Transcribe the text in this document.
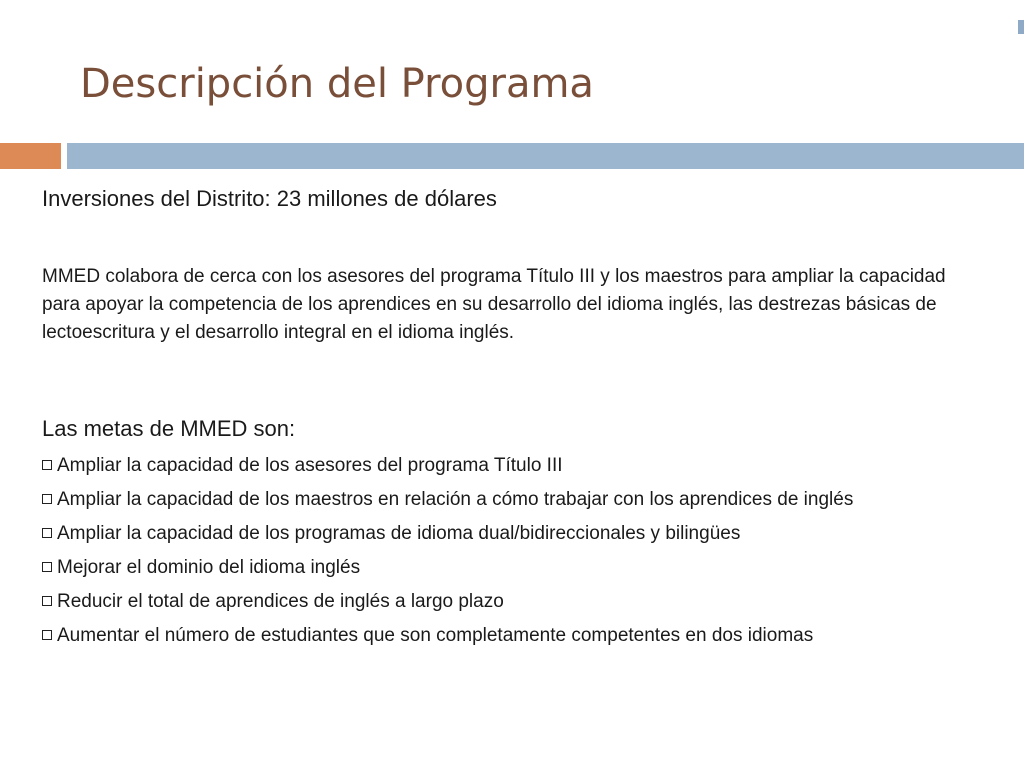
Descripción del Programa
Inversiones del Distrito: 23 millones de dólares
MMED colabora de cerca con los asesores del programa Título III y los maestros para ampliar la capacidad para apoyar la competencia de los aprendices en su desarrollo del idioma inglés, las destrezas básicas de lectoescritura y el desarrollo integral en el idioma inglés.
Las metas de MMED son:
Ampliar la capacidad de los asesores del programa Título III
Ampliar la capacidad de los maestros en relación a cómo trabajar con los aprendices de inglés
Ampliar la capacidad de los programas de idioma dual/bidireccionales y bilingües
Mejorar el dominio del idioma inglés
Reducir el total de aprendices de inglés a largo plazo
Aumentar el número de estudiantes que son completamente competentes en dos idiomas
